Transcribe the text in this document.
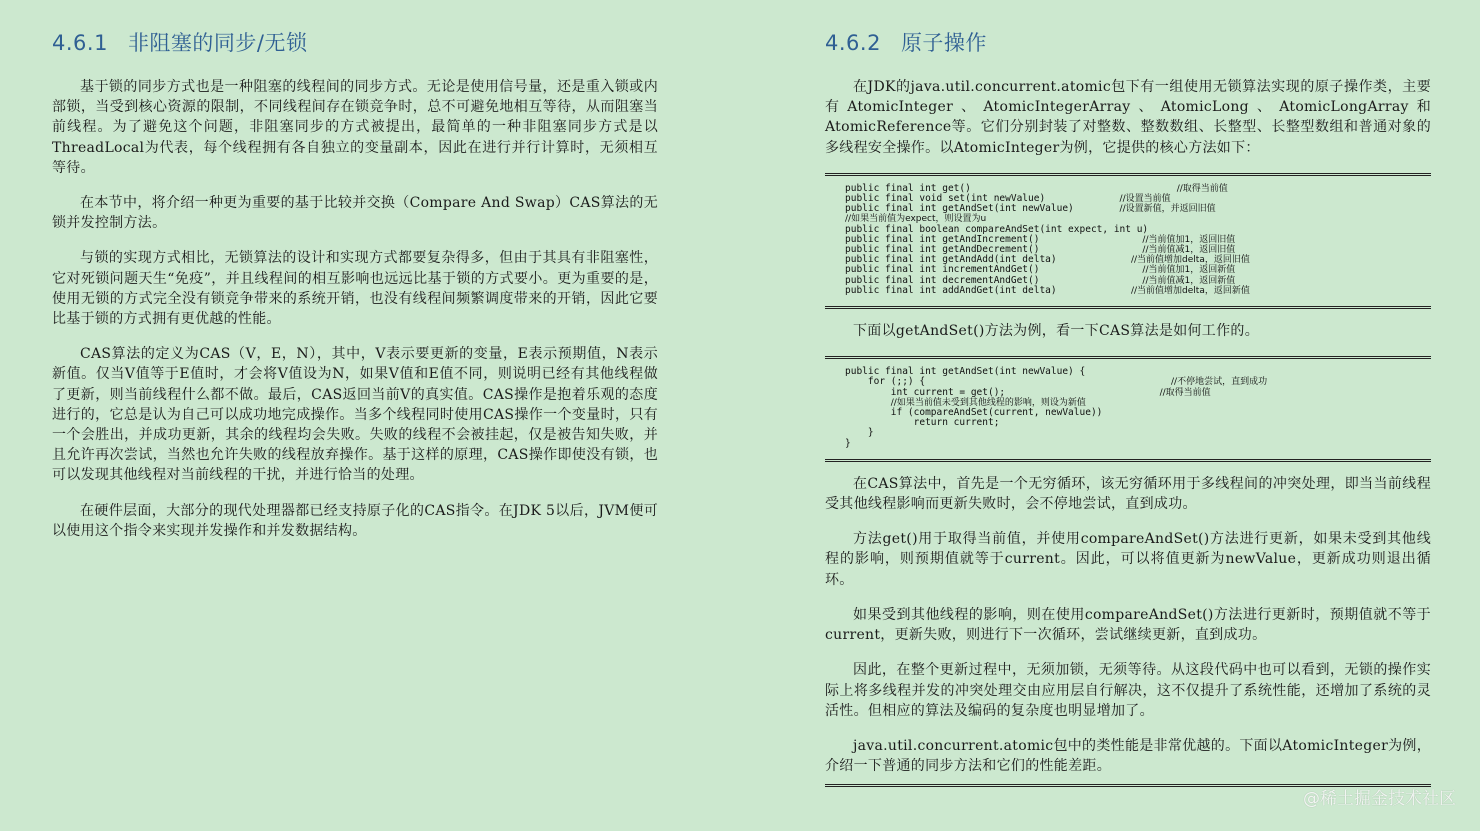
4.6.1 非阻塞的同步/无锁

基于锁的同步方式也是一种阻塞的线程间的同步方式。无论是使用信号量，还是重入锁或内部锁，当受到核心资源的限制，不同线程间存在锁竞争时，总不可避免地相互等待，从而阻塞当前线程。为了避免这个问题，非阻塞同步的方式被提出，最简单的一种非阻塞同步方式是以ThreadLocal为代表，每个线程拥有各自独立的变量副本，因此在进行并行计算时，无须相互等待。

在本节中，将介绍一种更为重要的基于比较并交换（Compare And Swap）CAS算法的无锁并发控制方法。

与锁的实现方式相比，无锁算法的设计和实现方式都要复杂得多，但由于其具有非阻塞性，它对死锁问题天生“免疫”，并且线程间的相互影响也远远比基于锁的方式要小。更为重要的是，使用无锁的方式完全没有锁竞争带来的系统开销，也没有线程间频繁调度带来的开销，因此它要比基于锁的方式拥有更优越的性能。

CAS算法的定义为CAS（V，E，N），其中，V表示要更新的变量，E表示预期值，N表示新值。仅当V值等于E值时，才会将V值设为N，如果V值和E值不同，则说明已经有其他线程做了更新，则当前线程什么都不做。最后，CAS返回当前V的真实值。CAS操作是抱着乐观的态度进行的，它总是认为自己可以成功地完成操作。当多个线程同时使用CAS操作一个变量时，只有一个会胜出，并成功更新，其余的线程均会失败。失败的线程不会被挂起，仅是被告知失败，并且允许再次尝试，当然也允许失败的线程放弃操作。基于这样的原理，CAS操作即使没有锁，也可以发现其他线程对当前线程的干扰，并进行恰当的处理。

在硬件层面，大部分的现代处理器都已经支持原子化的CAS指令。在JDK 5以后，JVM便可以使用这个指令来实现并发操作和并发数据结构。

4.6.2 原子操作

在JDK的java.util.concurrent.atomic包下有一组使用无锁算法实现的原子操作类，主要有AtomicInteger、AtomicIntegerArray、AtomicLong、AtomicLongArray和AtomicReference等。它们分别封装了对整数、整数数组、长整型、长整型数组和普通对象的多线程安全操作。以AtomicInteger为例，它提供的核心方法如下：

public final int get()                                    //取得当前值
public final void set(int newValue)             //设置当前值
public final int getAndSet(int newValue)        //设置新值，并返回旧值
//如果当前值为expect，则设置为u
public final boolean compareAndSet(int expect, int u)
public final int getAndIncrement()                  //当前值加1，返回旧值
public final int getAndDecrement()                  //当前值减1，返回旧值
public final int getAndAdd(int delta)             //当前值增加delta，返回旧值
public final int incrementAndGet()                  //当前值加1，返回新值
public final int decrementAndGet()                  //当前值减1，返回新值
public final int addAndGet(int delta)             //当前值增加delta，返回新值

下面以getAndSet()方法为例，看一下CAS算法是如何工作的。

public final int getAndSet(int newValue) {
for (;;) {                                           //不停地尝试，直到成功
int current = get();                           //取得当前值
//如果当前值未受到其他线程的影响，则设为新值
if (compareAndSet(current, newValue))
return current;
}
}

在CAS算法中，首先是一个无穷循环，该无穷循环用于多线程间的冲突处理，即当当前线程受其他线程影响而更新失败时，会不停地尝试，直到成功。

方法get()用于取得当前值，并使用compareAndSet()方法进行更新，如果未受到其他线程的影响，则预期值就等于current。因此，可以将值更新为newValue，更新成功则退出循环。

如果受到其他线程的影响，则在使用compareAndSet()方法进行更新时，预期值就不等于current，更新失败，则进行下一次循环，尝试继续更新，直到成功。

因此，在整个更新过程中，无须加锁，无须等待。从这段代码中也可以看到，无锁的操作实际上将多线程并发的冲突处理交由应用层自行解决，这不仅提升了系统性能，还增加了系统的灵活性。但相应的算法及编码的复杂度也明显增加了。

java.util.concurrent.atomic包中的类性能是非常优越的。下面以AtomicInteger为例，介绍一下普通的同步方法和它们的性能差距。

@稀土掘金技术社区
